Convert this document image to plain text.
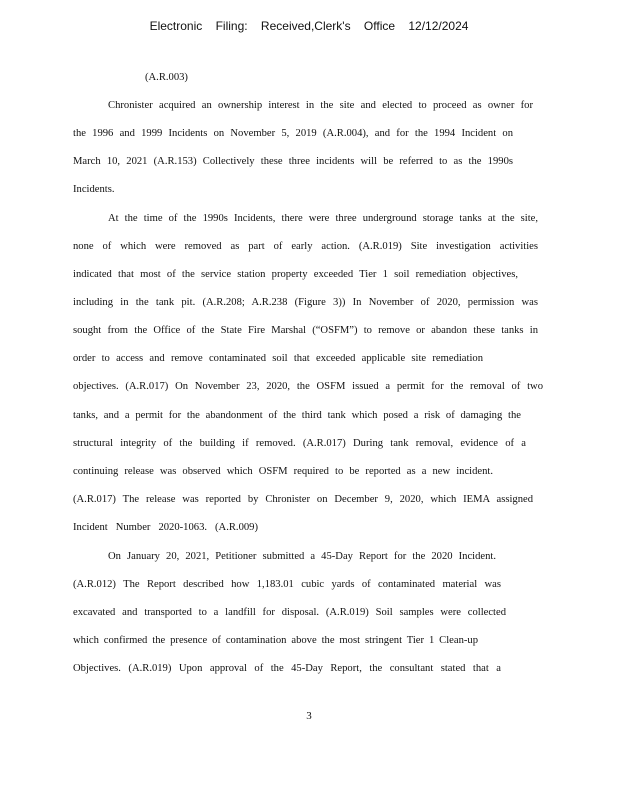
Electronic Filing: Received,Clerk's Office 12/12/2024
(A.R.003)
Chronister acquired an ownership interest in the site and elected to proceed as owner for
the 1996 and 1999 Incidents on November 5, 2019 (A.R.004), and for the 1994 Incident on
March 10, 2021 (A.R.153) Collectively these three incidents will be referred to as the 1990s
Incidents.
At the time of the 1990s Incidents, there were three underground storage tanks at the site,
none of which were removed as part of early action. (A.R.019) Site investigation activities
indicated that most of the service station property exceeded Tier 1 soil remediation objectives,
including in the tank pit. (A.R.208; A.R.238 (Figure 3)) In November of 2020, permission was
sought from the Office of the State Fire Marshal (“OSFM”) to remove or abandon these tanks in
order to access and remove contaminated soil that exceeded applicable site remediation
objectives. (A.R.017) On November 23, 2020, the OSFM issued a permit for the removal of two
tanks, and a permit for the abandonment of the third tank which posed a risk of damaging the
structural integrity of the building if removed. (A.R.017) During tank removal, evidence of a
continuing release was observed which OSFM required to be reported as a new incident.
(A.R.017) The release was reported by Chronister on December 9, 2020, which IEMA assigned
Incident Number 2020-1063. (A.R.009)
On January 20, 2021, Petitioner submitted a 45-Day Report for the 2020 Incident.
(A.R.012) The Report described how 1,183.01 cubic yards of contaminated material was
excavated and transported to a landfill for disposal. (A.R.019) Soil samples were collected
which confirmed the presence of contamination above the most stringent Tier 1 Clean-up
Objectives. (A.R.019) Upon approval of the 45-Day Report, the consultant stated that a
3
